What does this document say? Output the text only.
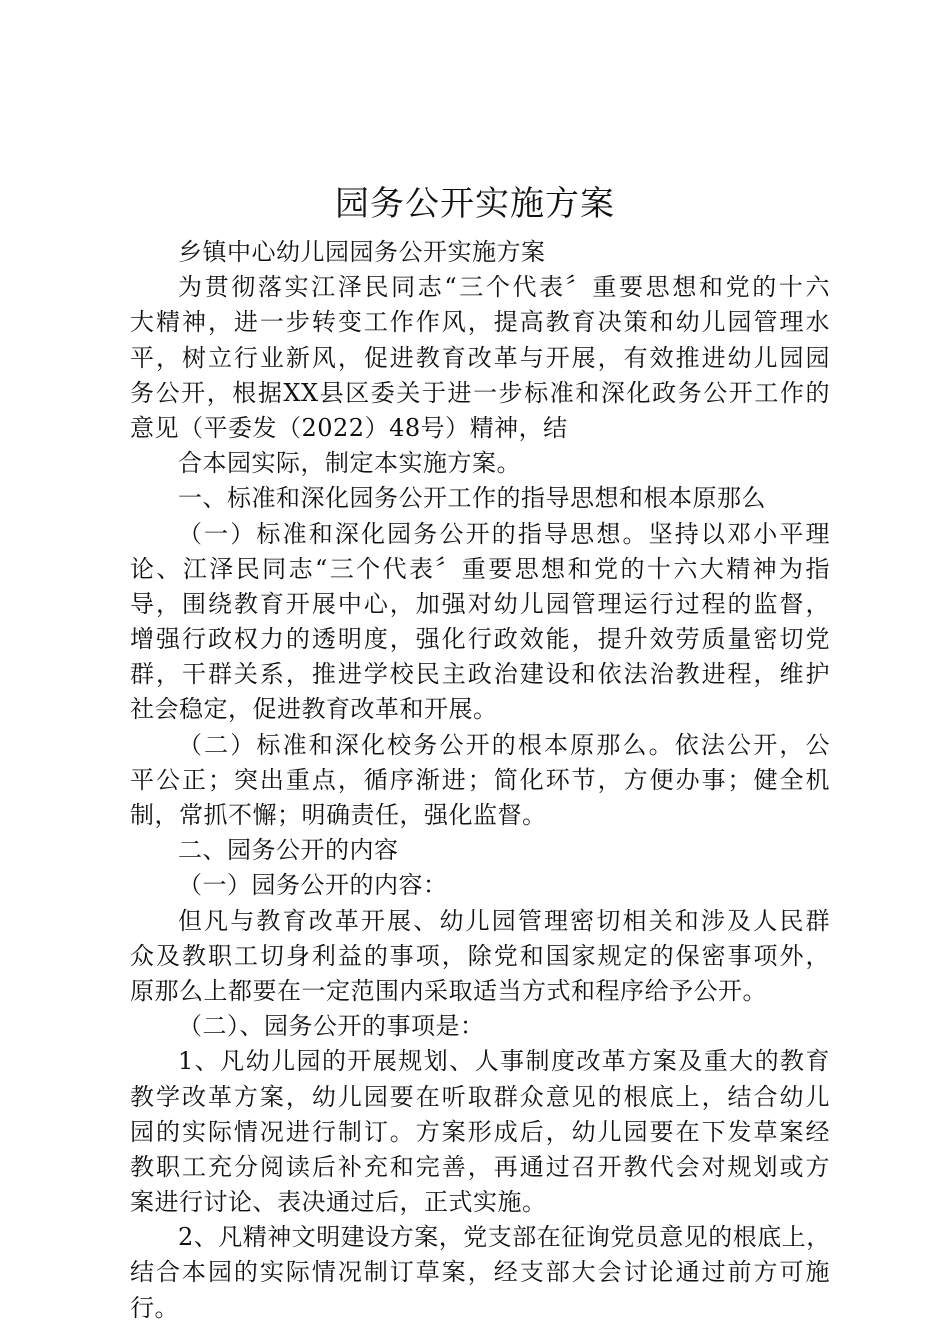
园务公开实施方案
乡镇中心幼儿园园务公开实施方案
为贯彻落实江泽民同志“三个代表〞重要思想和党的十六
大精神，进一步转变工作作风，提高教育决策和幼儿园管理水
平，树立行业新风，促进教育改革与开展，有效推进幼儿园园
务公开，根据XX县区委关于进一步标准和深化政务公开工作的
意见（平委发（2022）48号）精神，结
合本园实际，制定本实施方案。
一、标准和深化园务公开工作的指导思想和根本原那么
（一）标准和深化园务公开的指导思想。坚持以邓小平理
论、江泽民同志“三个代表〞重要思想和党的十六大精神为指
导，围绕教育开展中心，加强对幼儿园管理运行过程的监督，
增强行政权力的透明度，强化行政效能，提升效劳质量密切党
群，干群关系，推进学校民主政治建设和依法治教进程，维护
社会稳定，促进教育改革和开展。
（二）标准和深化校务公开的根本原那么。依法公开，公
平公正；突出重点，循序渐进；简化环节，方便办事；健全机
制，常抓不懈；明确责任，强化监督。
二、园务公开的内容
（一）园务公开的内容：
但凡与教育改革开展、幼儿园管理密切相关和涉及人民群
众及教职工切身利益的事项，除党和国家规定的保密事项外，
原那么上都要在一定范围内采取适当方式和程序给予公开。
（二）、园务公开的事项是：
1、凡幼儿园的开展规划、人事制度改革方案及重大的教育
教学改革方案，幼儿园要在听取群众意见的根底上，结合幼儿
园的实际情况进行制订。方案形成后，幼儿园要在下发草案经
教职工充分阅读后补充和完善，再通过召开教代会对规划或方
案进行讨论、表决通过后，正式实施。
2、凡精神文明建设方案，党支部在征询党员意见的根底上，
结合本园的实际情况制订草案，经支部大会讨论通过前方可施
行。
